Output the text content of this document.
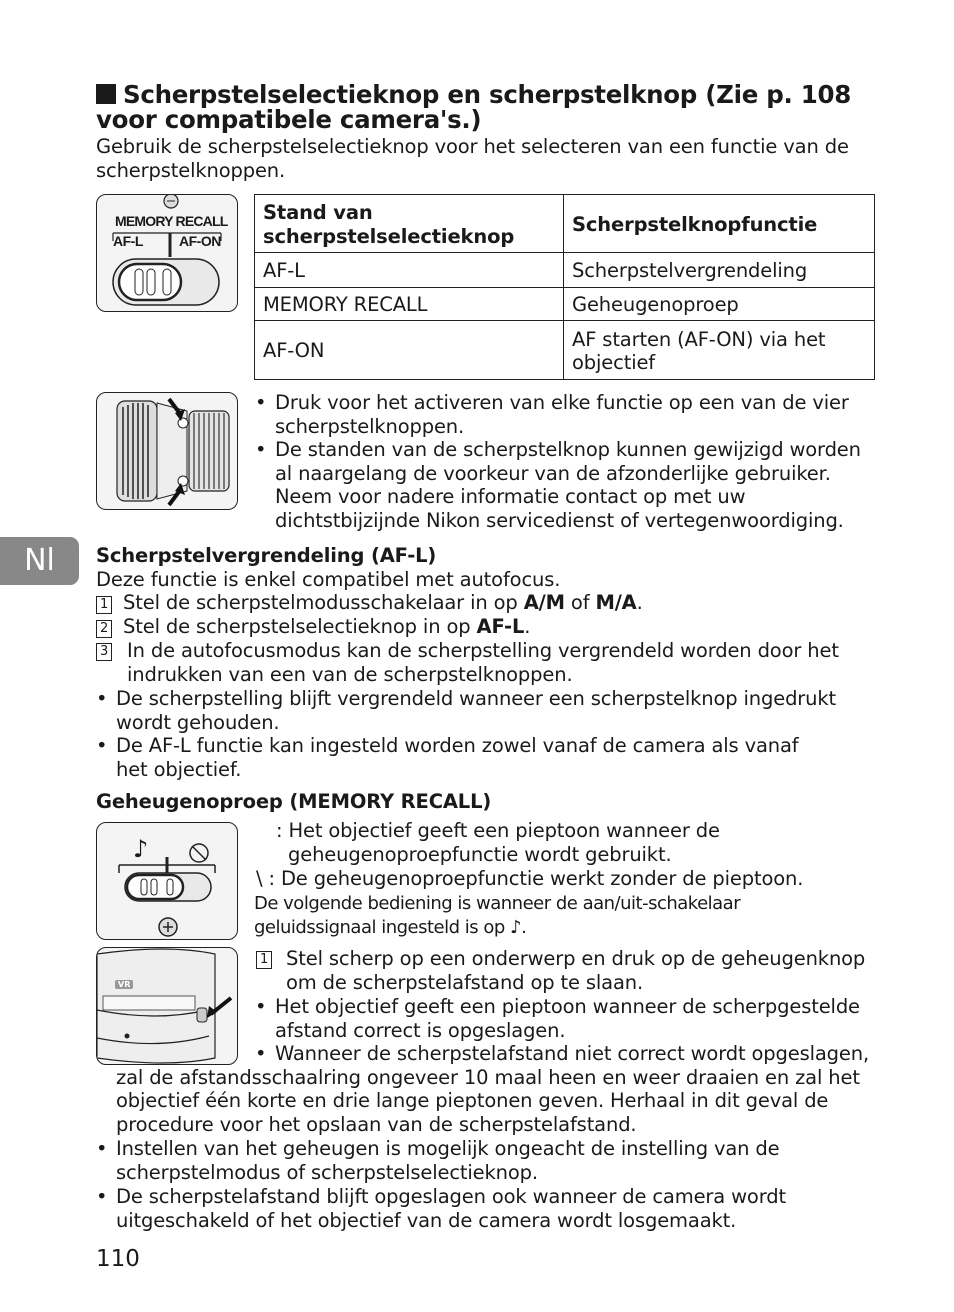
Scherpstelselectieknop en scherpstelknop (Zie p. 108 voor compatibele camera's.)
Gebruik de scherpstelselectieknop voor het selecteren van een functie van de scherpstelknoppen.
MEMORY RECALL
AF-L	AF-ON
Stand van scherpstelselectieknop	Scherpstelknopfunctie
AF-L	Scherpstelvergrendeling
MEMORY RECALL	Geheugenoproep
AF-ON	AF starten (AF-ON) via het objectief
• Druk voor het activeren van elke functie op een van de vier scherpstelknoppen.
• De standen van de scherpstelknop kunnen gewijzigd worden al naargelang de voorkeur van de afzonderlijke gebruiker. Neem voor nadere informatie contact op met uw dichtstbijzijnde Nikon servicedienst of vertegenwoordiging.
Nl	Scherpstelvergrendeling (AF-L)
Deze functie is enkel compatibel met autofocus.
1 Stel de scherpstelmodusschakelaar in op A/M of M/A.
2 Stel de scherpstelselectieknop in op AF-L.
3 In de autofocusmodus kan de scherpstelling vergrendeld worden door het indrukken van een van de scherpstelknoppen.
• De scherpstelling blijft vergrendeld wanneer een scherpstelknop ingedrukt wordt gehouden.
• De AF-L functie kan ingesteld worden zowel vanaf de camera als vanaf het objectief.
Geheugenoproep (MEMORY RECALL)
♪
: Het objectief geeft een pieptoon wanneer de geheugenoproepfunctie wordt gebruikt.
\ : De geheugenoproepfunctie werkt zonder de pieptoon.
De volgende bediening is wanneer de aan/uit-schakelaar geluidssignaal ingesteld is op ♪.
VR
1 Stel scherp op een onderwerp en druk op de geheugenknop om de scherpstelafstand op te slaan.
• Het objectief geeft een pieptoon wanneer de scherpgestelde afstand correct is opgeslagen.
• Wanneer de scherpstelafstand niet correct wordt opgeslagen, zal de afstandsschaalring ongeveer 10 maal heen en weer draaien en zal het objectief één korte en drie lange pieptonen geven. Herhaal in dit geval de procedure voor het opslaan van de scherpstelafstand.
• Instellen van het geheugen is mogelijk ongeacht de instelling van de scherpstelmodus of scherpstelselectieknop.
• De scherpstelafstand blijft opgeslagen ook wanneer de camera wordt uitgeschakeld of het objectief van de camera wordt losgemaakt.
110
